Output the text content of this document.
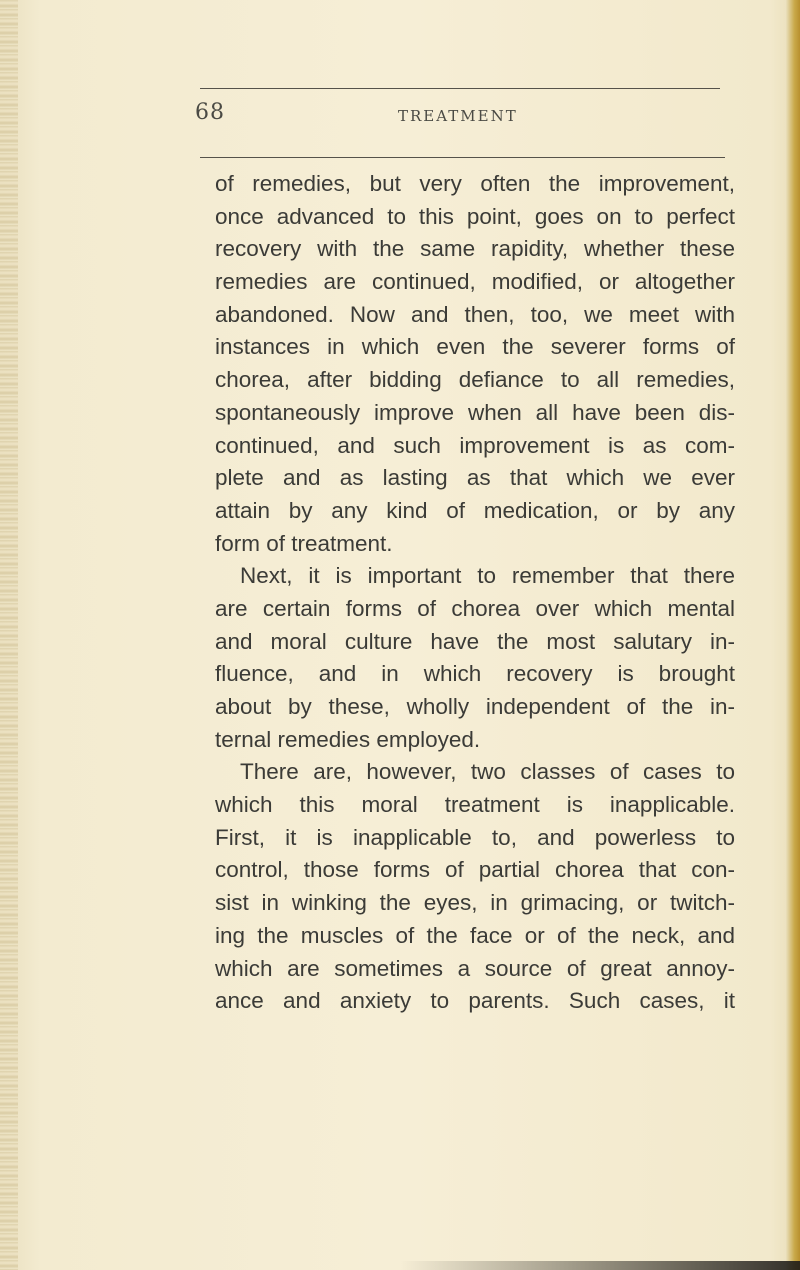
68	TREATMENT
of remedies, but very often the improvement,
once advanced to this point, goes on to perfect
recovery with the same rapidity, whether these
remedies are continued, modified, or altogether
abandoned. Now and then, too, we meet with
instances in which even the severer forms of
chorea, after bidding defiance to all remedies,
spontaneously improve when all have been dis-
continued, and such improvement is as com-
plete and as lasting as that which we ever
attain by any kind of medication, or by any
form of treatment.
Next, it is important to remember that there
are certain forms of chorea over which mental
and moral culture have the most salutary in-
fluence, and in which recovery is brought
about by these, wholly independent of the in-
ternal remedies employed.
There are, however, two classes of cases to
which this moral treatment is inapplicable.
First, it is inapplicable to, and powerless to
control, those forms of partial chorea that con-
sist in winking the eyes, in grimacing, or twitch-
ing the muscles of the face or of the neck, and
which are sometimes a source of great annoy-
ance and anxiety to parents. Such cases, it
